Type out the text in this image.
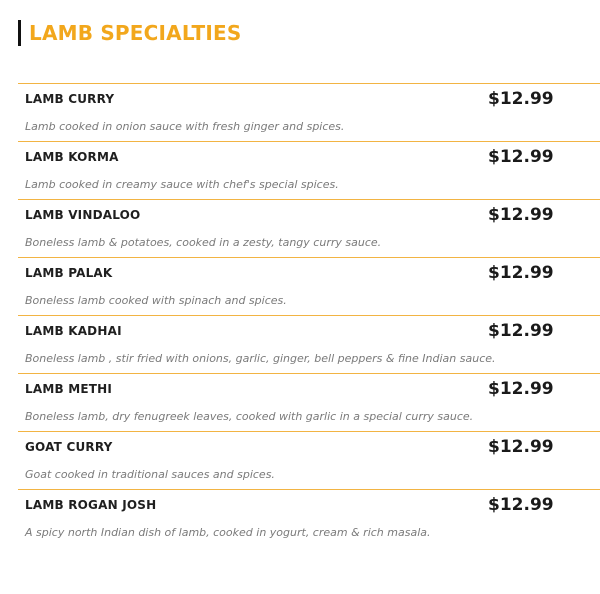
LAMB SPECIALTIES
LAMB CURRY	$12.99
Lamb cooked in onion sauce with fresh ginger and spices.
LAMB KORMA	$12.99
Lamb cooked in creamy sauce with chef's special spices.
LAMB VINDALOO	$12.99
Boneless lamb & potatoes, cooked in a zesty, tangy curry sauce.
LAMB PALAK	$12.99
Boneless lamb cooked with spinach and spices.
LAMB KADHAI	$12.99
Boneless lamb , stir fried with onions, garlic, ginger, bell peppers & fine Indian sauce.
LAMB METHI	$12.99
Boneless lamb, dry fenugreek leaves, cooked with garlic in a special curry sauce.
GOAT CURRY	$12.99
Goat cooked in traditional sauces and spices.
LAMB ROGAN JOSH	$12.99
A spicy north Indian dish of lamb, cooked in yogurt, cream & rich masala.
